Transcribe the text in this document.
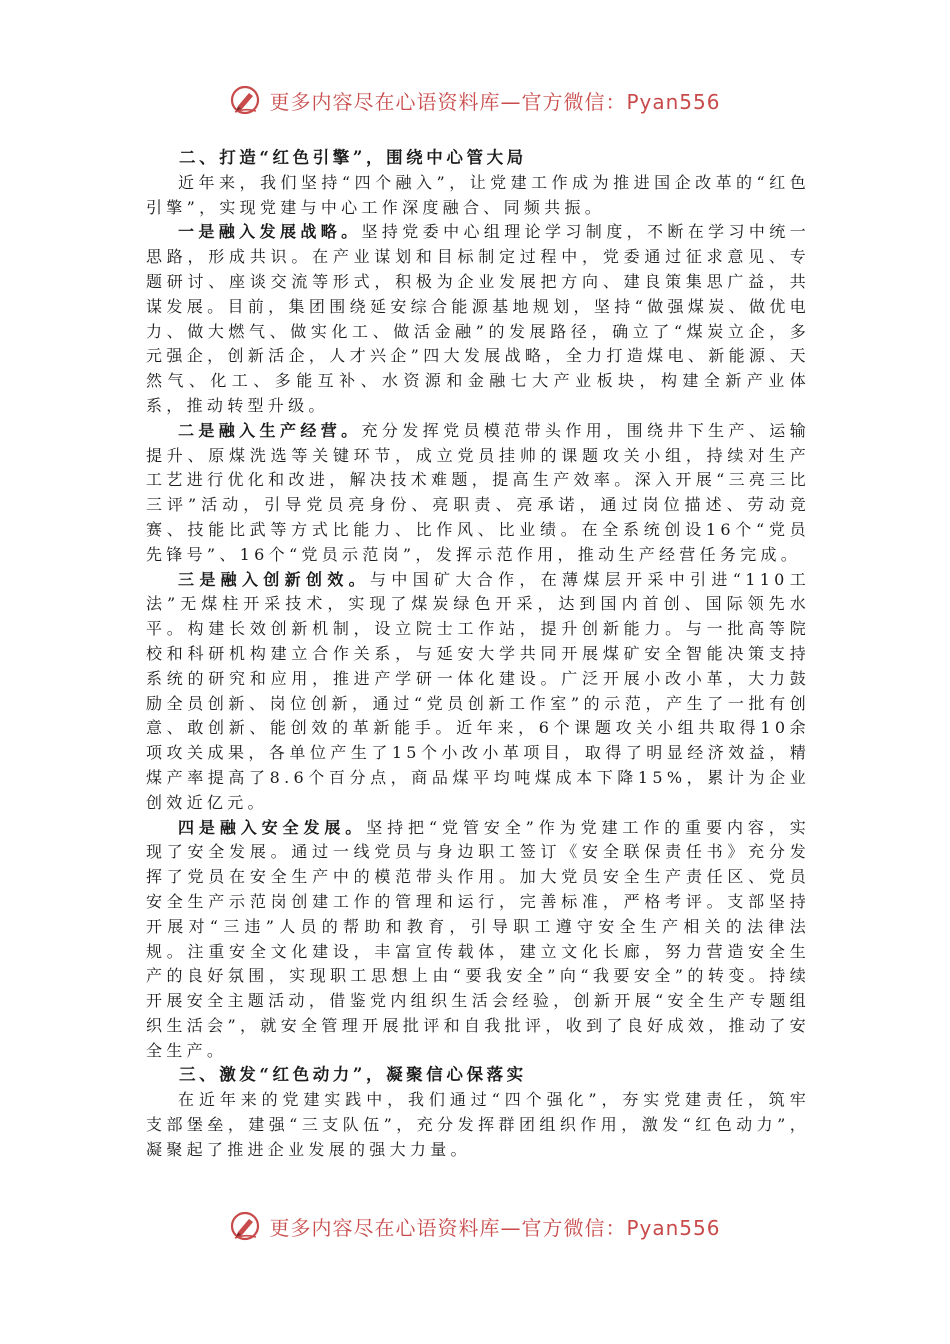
更多内容尽在心语资料库—官方微信：Pyan556

二、打造“红色引擎”，围绕中心管大局

近年来，我们坚持“四个融入”，让党建工作成为推进国企改革的“红色引擎”，实现党建与中心工作深度融合、同频共振。

一是融入发展战略。坚持党委中心组理论学习制度，不断在学习中统一思路，形成共识。在产业谋划和目标制定过程中，党委通过征求意见、专题研讨、座谈交流等形式，积极为企业发展把方向、建良策集思广益，共谋发展。目前，集团围绕延安综合能源基地规划，坚持“做强煤炭、做优电力、做大燃气、做实化工、做活金融”的发展路径，确立了“煤炭立企，多元强企，创新活企，人才兴企”四大发展战略，全力打造煤电、新能源、天然气、化工、多能互补、水资源和金融七大产业板块，构建全新产业体系，推动转型升级。

二是融入生产经营。充分发挥党员模范带头作用，围绕井下生产、运输提升、原煤洗选等关键环节，成立党员挂帅的课题攻关小组，持续对生产工艺进行优化和改进，解决技术难题，提高生产效率。深入开展“三亮三比三评”活动，引导党员亮身份、亮职责、亮承诺，通过岗位描述、劳动竞赛、技能比武等方式比能力、比作风、比业绩。在全系统创设16个“党员先锋号”、16个“党员示范岗”，发挥示范作用，推动生产经营任务完成。

三是融入创新创效。与中国矿大合作，在薄煤层开采中引进“110工法”无煤柱开采技术，实现了煤炭绿色开采，达到国内首创、国际领先水平。构建长效创新机制，设立院士工作站，提升创新能力。与一批高等院校和科研机构建立合作关系，与延安大学共同开展煤矿安全智能决策支持系统的研究和应用，推进产学研一体化建设。广泛开展小改小革，大力鼓励全员创新、岗位创新，通过“党员创新工作室”的示范，产生了一批有创意、敢创新、能创效的革新能手。近年来，6个课题攻关小组共取得10余项攻关成果，各单位产生了15个小改小革项目，取得了明显经济效益，精煤产率提高了8.6个百分点，商品煤平均吨煤成本下降15%，累计为企业创效近亿元。

四是融入安全发展。坚持把“党管安全”作为党建工作的重要内容，实现了安全发展。通过一线党员与身边职工签订《安全联保责任书》充分发挥了党员在安全生产中的模范带头作用。加大党员安全生产责任区、党员安全生产示范岗创建工作的管理和运行，完善标准，严格考评。支部坚持开展对“三违”人员的帮助和教育，引导职工遵守安全生产相关的法律法规。注重安全文化建设，丰富宣传载体，建立文化长廊，努力营造安全生产的良好氛围，实现职工思想上由“要我安全”向“我要安全”的转变。持续开展安全主题活动，借鉴党内组织生活会经验，创新开展“安全生产专题组织生活会”，就安全管理开展批评和自我批评，收到了良好成效，推动了安全生产。

三、激发“红色动力”，凝聚信心保落实

在近年来的党建实践中，我们通过“四个强化”，夯实党建责任，筑牢支部堡垒，建强“三支队伍”，充分发挥群团组织作用，激发“红色动力”，凝聚起了推进企业发展的强大力量。

更多内容尽在心语资料库—官方微信：Pyan556
